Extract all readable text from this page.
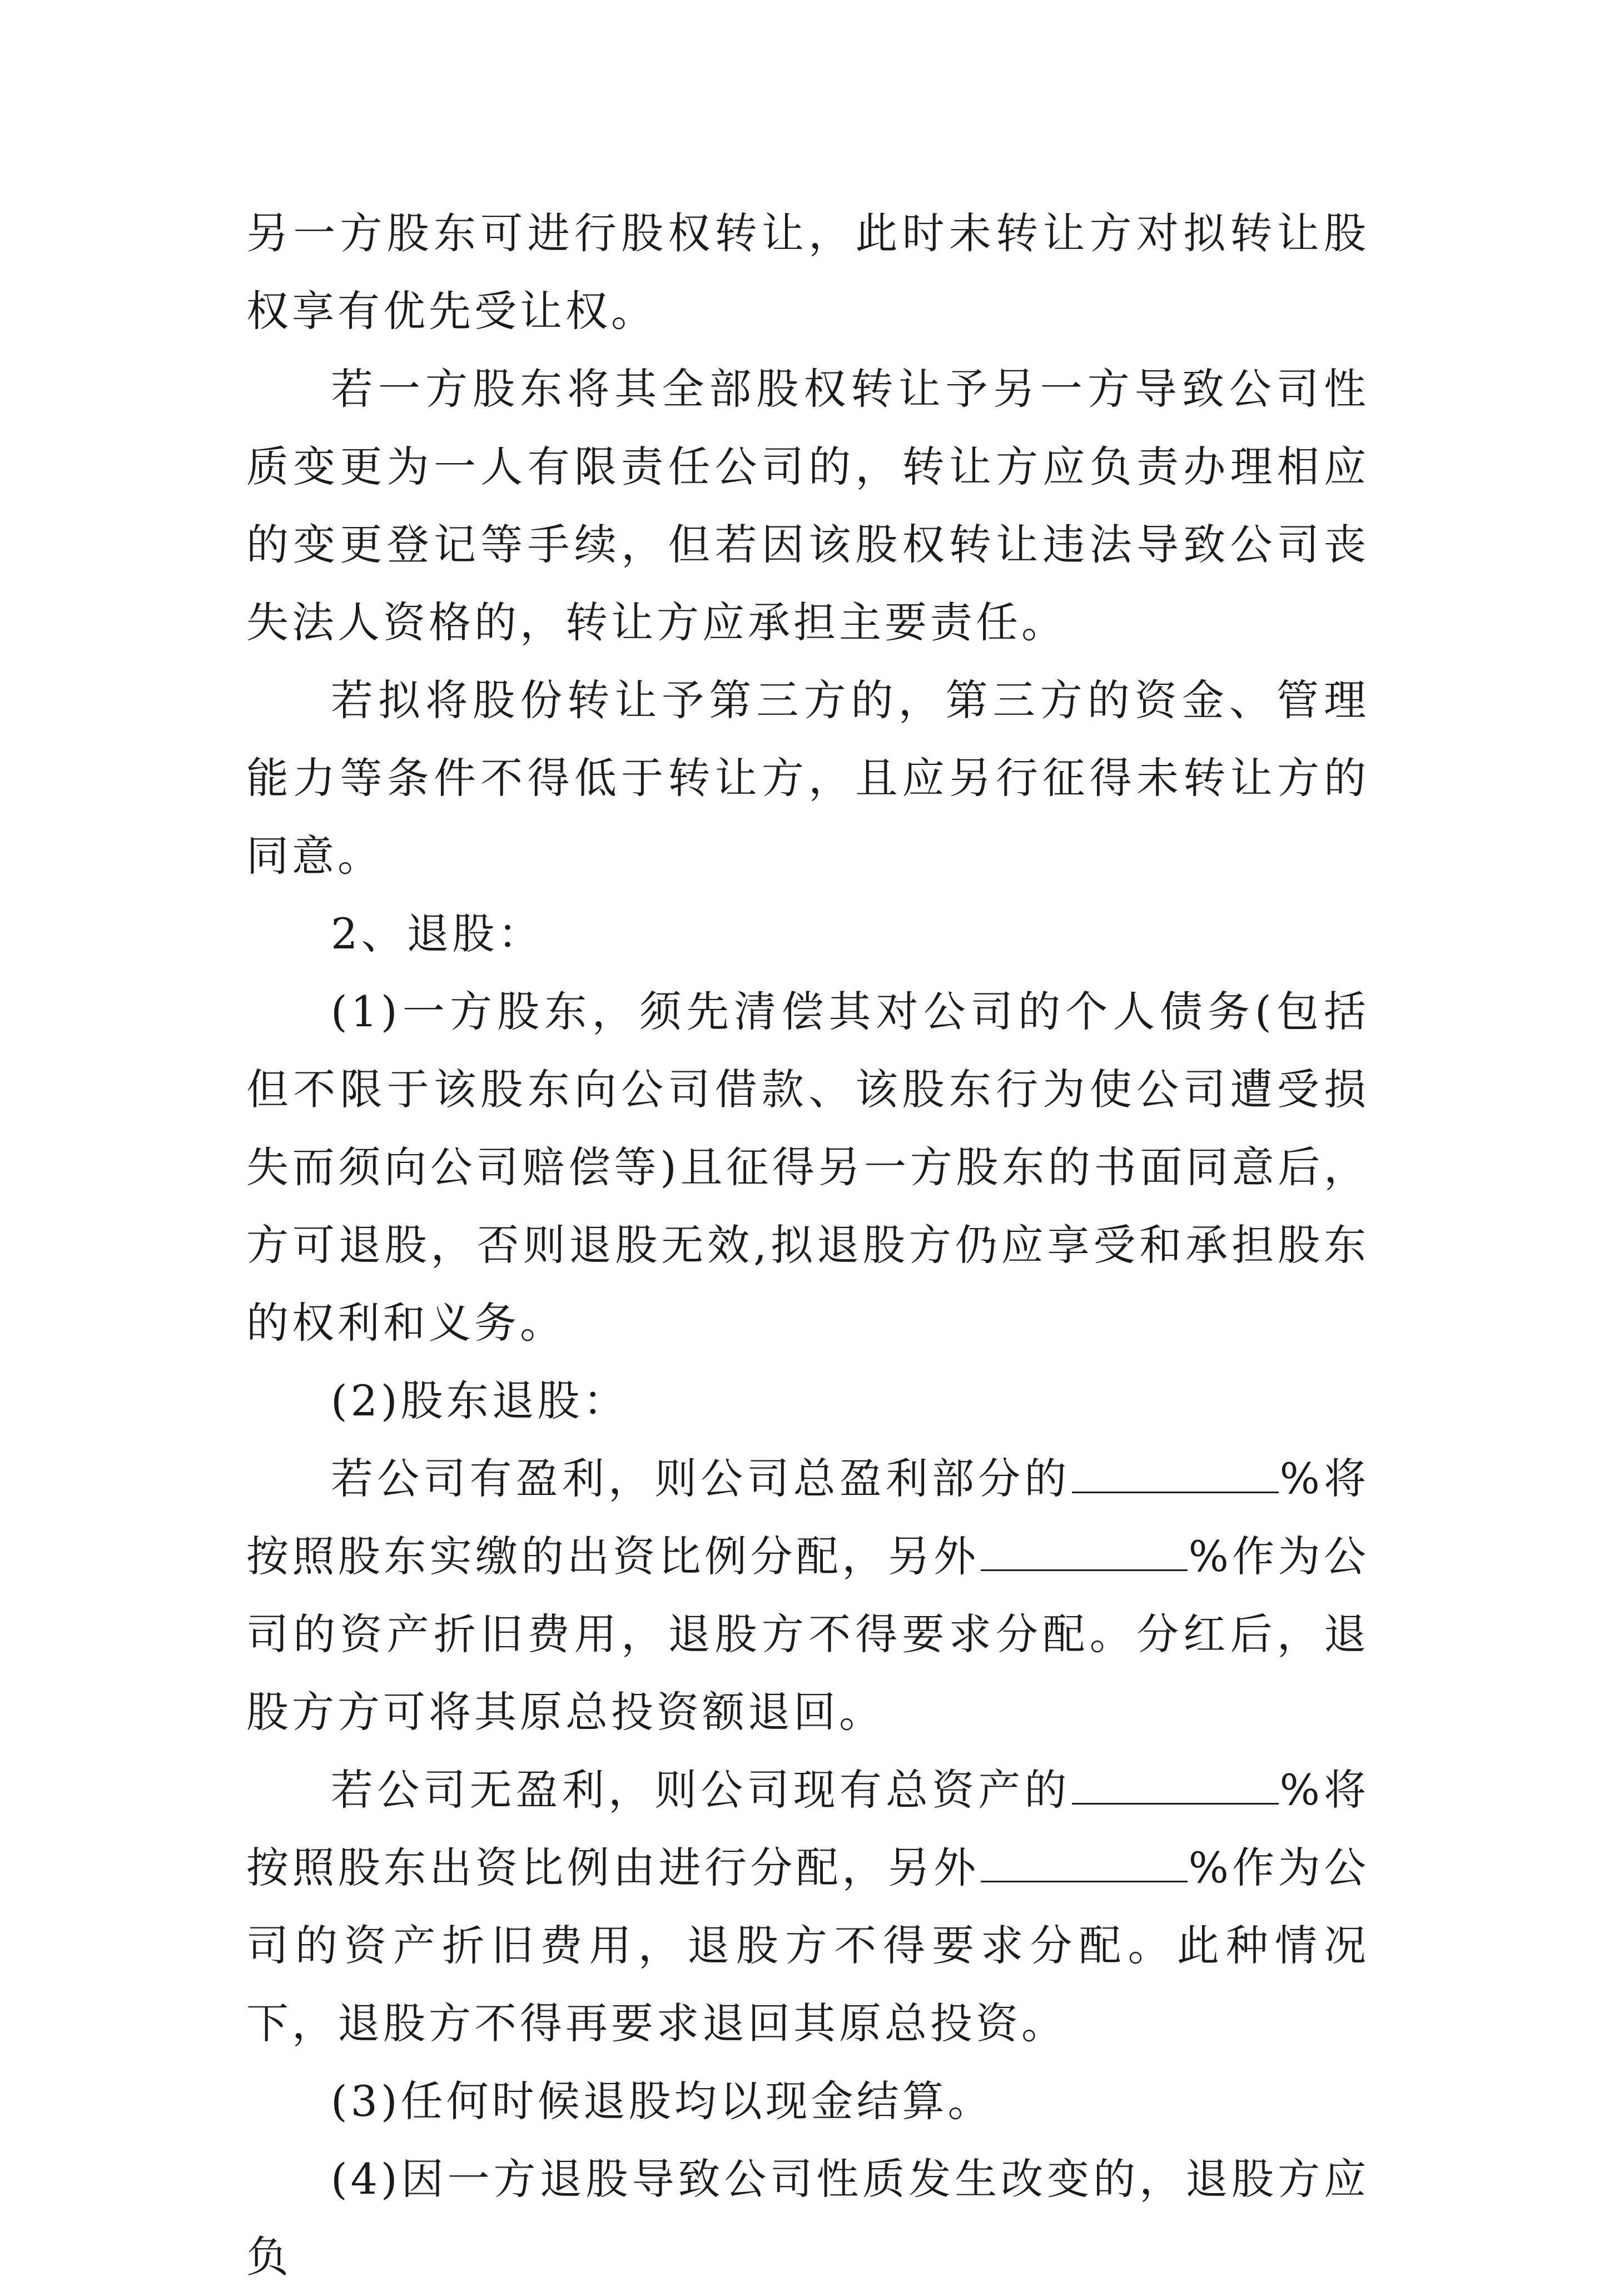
另一方股东可进行股权转让，此时未转让方对拟转让股权享有优先受让权。

若一方股东将其全部股权转让予另一方导致公司性质变更为一人有限责任公司的，转让方应负责办理相应的变更登记等手续，但若因该股权转让违法导致公司丧失法人资格的，转让方应承担主要责任。

若拟将股份转让予第三方的，第三方的资金、管理能力等条件不得低于转让方，且应另行征得未转让方的同意。

2、退股：

(1)一方股东，须先清偿其对公司的个人债务(包括但不限于该股东向公司借款、该股东行为使公司遭受损失而须向公司赔偿等)且征得另一方股东的书面同意后，方可退股，否则退股无效,拟退股方仍应享受和承担股东的权利和义务。

(2)股东退股：

若公司有盈利，则公司总盈利部分的	%将按照股东实缴的出资比例分配，另外	%作为公司的资产折旧费用，退股方不得要求分配。分红后，退股方方可将其原总投资额退回。

若公司无盈利，则公司现有总资产的	%将按照股东出资比例由进行分配，另外	%作为公司的资产折旧费用，退股方不得要求分配。此种情况下，退股方不得再要求退回其原总投资。

(3)任何时候退股均以现金结算。

(4)因一方退股导致公司性质发生改变的，退股方应负
